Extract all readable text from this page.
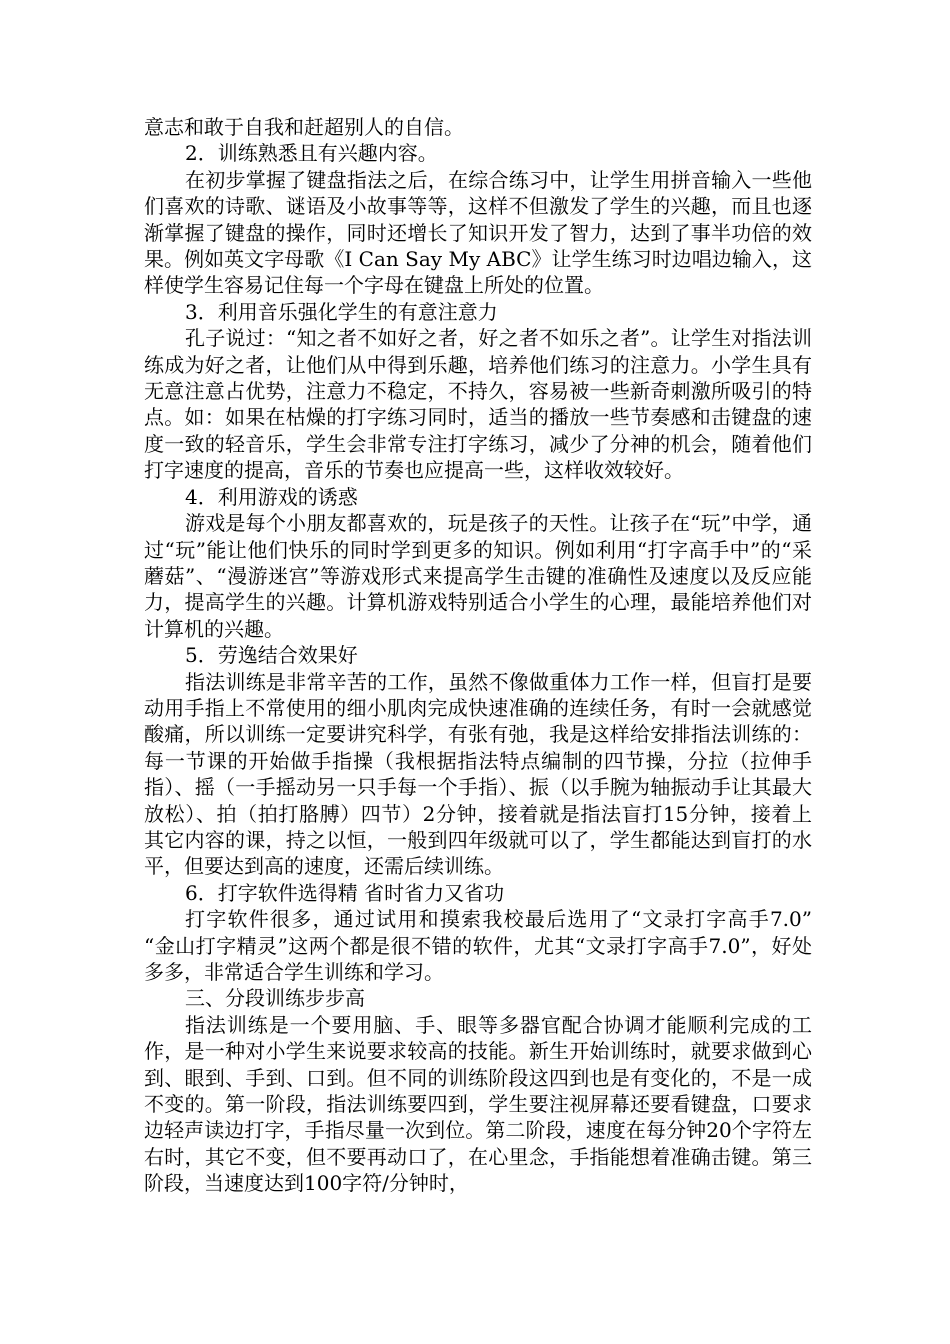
意志和敢于自我和赶超别人的自信。

2．训练熟悉且有兴趣内容。

在初步掌握了键盘指法之后，在综合练习中，让学生用拼音输入一些他们喜欢的诗歌、谜语及小故事等等，这样不但激发了学生的兴趣，而且也逐渐掌握了键盘的操作，同时还增长了知识开发了智力，达到了事半功倍的效果。例如英文字母歌《I Can Say My ABC》让学生练习时边唱边输入，这样使学生容易记住每一个字母在键盘上所处的位置。

3．利用音乐强化学生的有意注意力

孔子说过：“知之者不如好之者，好之者不如乐之者”。让学生对指法训练成为好之者，让他们从中得到乐趣，培养他们练习的注意力。小学生具有无意注意占优势，注意力不稳定，不持久，容易被一些新奇刺激所吸引的特点。如：如果在枯燥的打字练习同时，适当的播放一些节奏感和击键盘的速度一致的轻音乐，学生会非常专注打字练习，减少了分神的机会，随着他们打字速度的提高，音乐的节奏也应提高一些，这样收效较好。

4．利用游戏的诱惑

游戏是每个小朋友都喜欢的，玩是孩子的天性。让孩子在“玩”中学，通过“玩”能让他们快乐的同时学到更多的知识。例如利用“打字高手中”的“采蘑菇”、“漫游迷宫”等游戏形式来提高学生击键的准确性及速度以及反应能力，提高学生的兴趣。计算机游戏特别适合小学生的心理，最能培养他们对计算机的兴趣。

5．劳逸结合效果好

指法训练是非常辛苦的工作，虽然不像做重体力工作一样，但盲打是要动用手指上不常使用的细小肌肉完成快速准确的连续任务，有时一会就感觉酸痛，所以训练一定要讲究科学，有张有弛，我是这样给安排指法训练的：每一节课的开始做手指操（我根据指法特点编制的四节操，分拉（拉伸手指）、摇（一手摇动另一只手每一个手指）、振（以手腕为轴振动手让其最大放松）、拍（拍打胳膊）四节）2分钟，接着就是指法盲打15分钟，接着上其它内容的课，持之以恒，一般到四年级就可以了，学生都能达到盲打的水平，但要达到高的速度，还需后续训练。

6．打字软件选得精 省时省力又省功

打字软件很多，通过试用和摸索我校最后选用了“文录打字高手7.0” “金山打字精灵”这两个都是很不错的软件，尤其“文录打字高手7.0”，好处多多，非常适合学生训练和学习。

三、分段训练步步高

指法训练是一个要用脑、手、眼等多器官配合协调才能顺利完成的工作，是一种对小学生来说要求较高的技能。新生开始训练时，就要求做到心到、眼到、手到、口到。但不同的训练阶段这四到也是有变化的，不是一成不变的。第一阶段，指法训练要四到，学生要注视屏幕还要看键盘，口要求边轻声读边打字，手指尽量一次到位。第二阶段，速度在每分钟20个字符左右时，其它不变，但不要再动口了，在心里念，手指能想着准确击键。第三阶段，当速度达到100字符/分钟时，
